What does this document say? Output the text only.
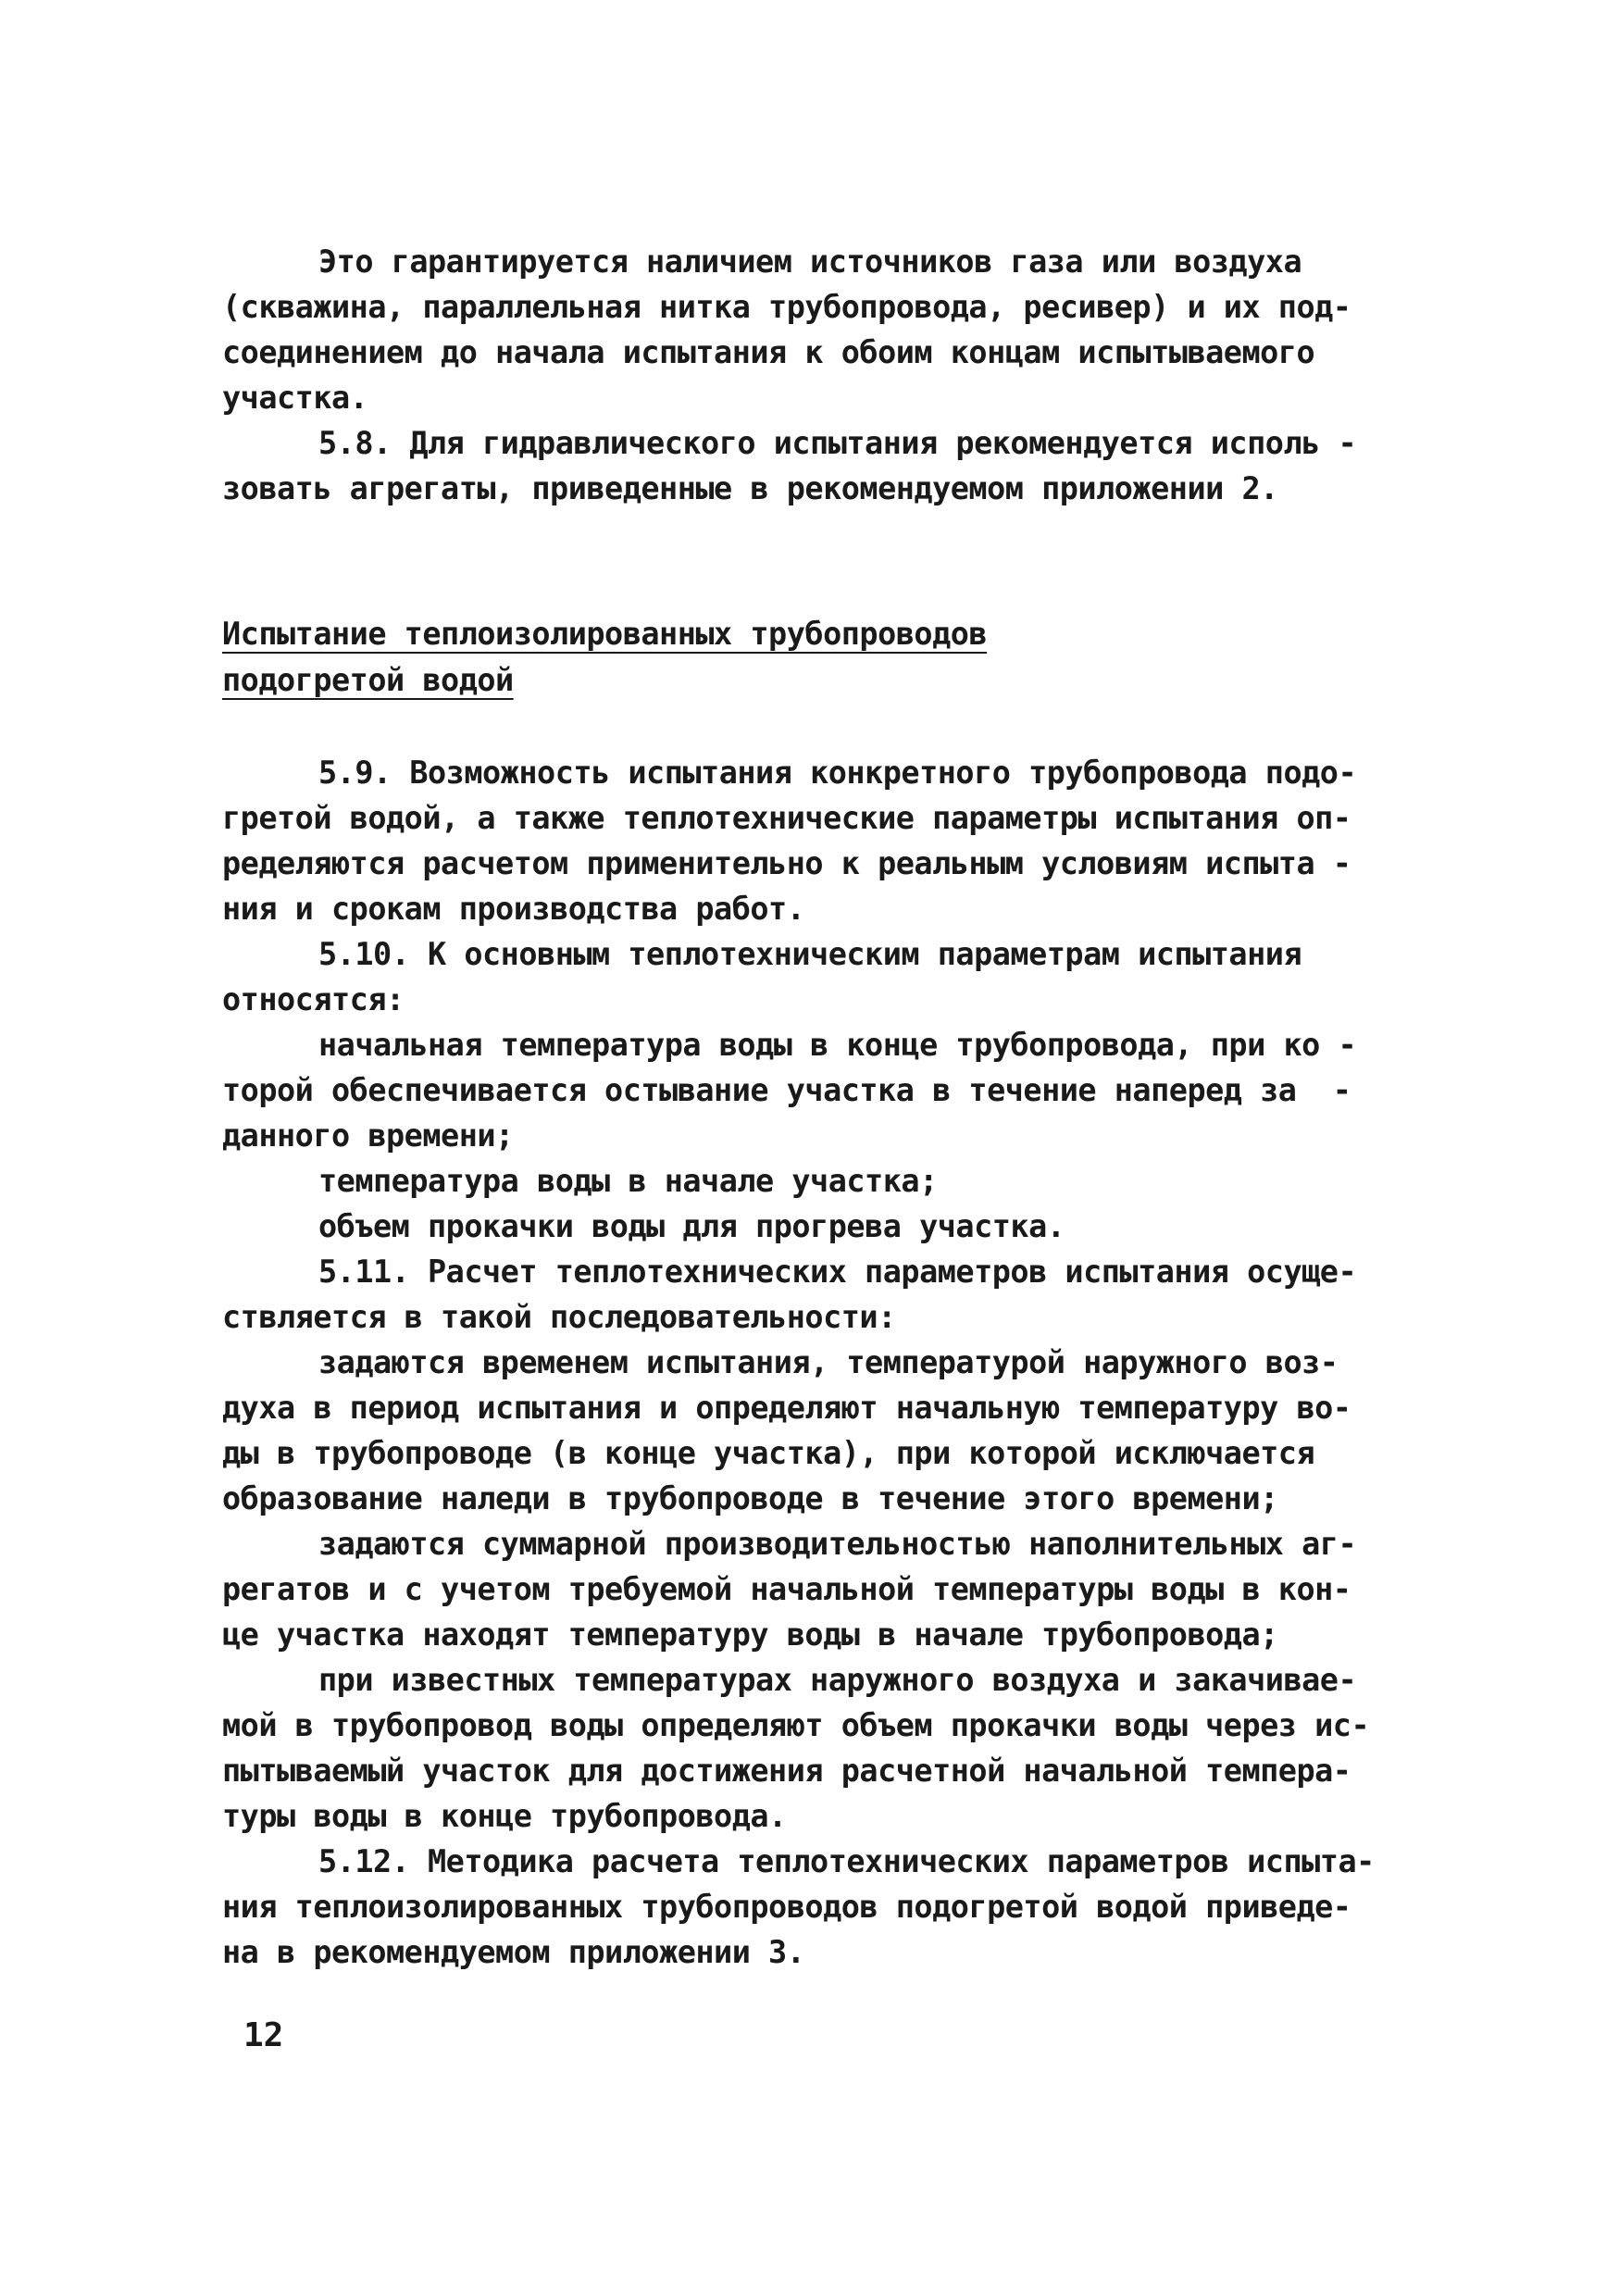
Это гарантируется наличием источников газа или воздуха
(скважина, параллельная нитка трубопровода, ресивер) и их под-
соединением до начала испытания к обоим концам испытываемого
участка.
5.8. Для гидравлического испытания рекомендуется исполь -
зовать агрегаты, приведенные в рекомендуемом приложении 2.
Испытание теплоизолированных трубопроводов
подогретой водой
5.9. Возможность испытания конкретного трубопровода подо-
гретой водой, а также теплотехнические параметры испытания оп-
ределяются расчетом применительно к реальным условиям испыта -
ния и срокам производства работ.
5.10. К основным теплотехническим параметрам испытания
относятся:
начальная температура воды в конце трубопровода, при ко -
торой обеспечивается остывание участка в течение наперед за  -
данного времени;
температура воды в начале участка;
объем прокачки воды для прогрева участка.
5.11. Расчет теплотехнических параметров испытания осуще-
ствляется в такой последовательности:
задаются временем испытания, температурой наружного воз-
духа в период испытания и определяют начальную температуру во-
ды в трубопроводе (в конце участка), при которой исключается
образование наледи в трубопроводе в течение этого времени;
задаются суммарной производительностью наполнительных аг-
регатов и с учетом требуемой начальной температуры воды в кон-
це участка находят температуру воды в начале трубопровода;
при известных температурах наружного воздуха и закачивае-
мой в трубопровод воды определяют объем прокачки воды через ис-
пытываемый участок для достижения расчетной начальной темпера-
туры воды в конце трубопровода.
5.12. Методика расчета теплотехнических параметров испыта-
ния теплоизолированных трубопроводов подогретой водой приведе-
на в рекомендуемом приложении 3.
12
